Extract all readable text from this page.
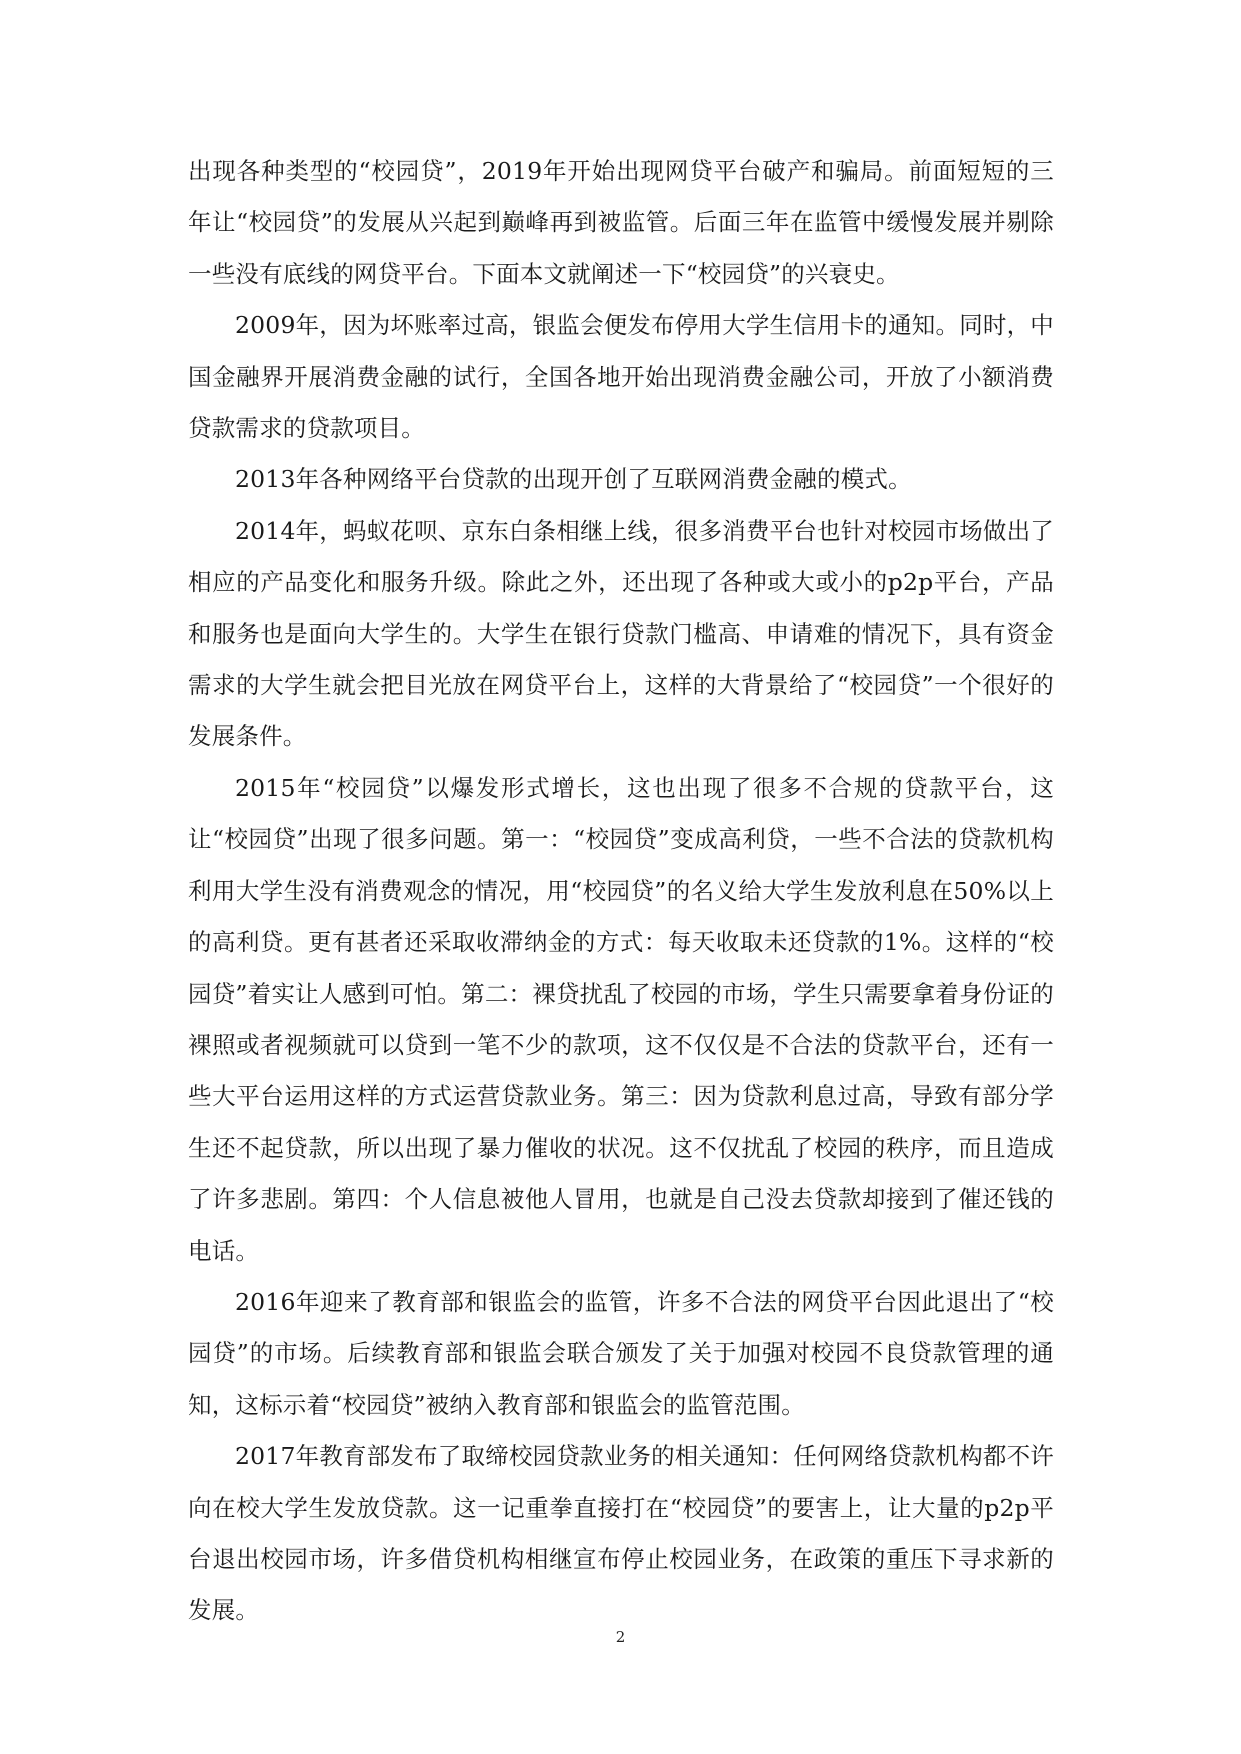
出现各种类型的“校园贷”，2019年开始出现网贷平台破产和骗局。前面短短的三年让“校园贷”的发展从兴起到巅峰再到被监管。后面三年在监管中缓慢发展并剔除一些没有底线的网贷平台。下面本文就阐述一下“校园贷”的兴衰史。

2009年，因为坏账率过高，银监会便发布停用大学生信用卡的通知。同时，中国金融界开展消费金融的试行，全国各地开始出现消费金融公司，开放了小额消费贷款需求的贷款项目。

2013年各种网络平台贷款的出现开创了互联网消费金融的模式。

2014年，蚂蚁花呗、京东白条相继上线，很多消费平台也针对校园市场做出了相应的产品变化和服务升级。除此之外，还出现了各种或大或小的p2p平台，产品和服务也是面向大学生的。大学生在银行贷款门槛高、申请难的情况下，具有资金需求的大学生就会把目光放在网贷平台上，这样的大背景给了“校园贷”一个很好的发展条件。

2015年“校园贷”以爆发形式增长，这也出现了很多不合规的贷款平台，这让“校园贷”出现了很多问题。第一：“校园贷”变成高利贷，一些不合法的贷款机构利用大学生没有消费观念的情况，用“校园贷”的名义给大学生发放利息在50%以上的高利贷。更有甚者还采取收滞纳金的方式：每天收取未还贷款的1%。这样的“校园贷”着实让人感到可怕。第二：裸贷扰乱了校园的市场，学生只需要拿着身份证的裸照或者视频就可以贷到一笔不少的款项，这不仅仅是不合法的贷款平台，还有一些大平台运用这样的方式运营贷款业务。第三：因为贷款利息过高，导致有部分学生还不起贷款，所以出现了暴力催收的状况。这不仅扰乱了校园的秩序，而且造成了许多悲剧。第四：个人信息被他人冒用，也就是自己没去贷款却接到了催还钱的电话。

2016年迎来了教育部和银监会的监管，许多不合法的网贷平台因此退出了“校园贷”的市场。后续教育部和银监会联合颁发了关于加强对校园不良贷款管理的通知，这标示着“校园贷”被纳入教育部和银监会的监管范围。

2017年教育部发布了取缔校园贷款业务的相关通知：任何网络贷款机构都不许向在校大学生发放贷款。这一记重拳直接打在“校园贷”的要害上，让大量的p2p平台退出校园市场，许多借贷机构相继宣布停止校园业务，在政策的重压下寻求新的发展。

2
